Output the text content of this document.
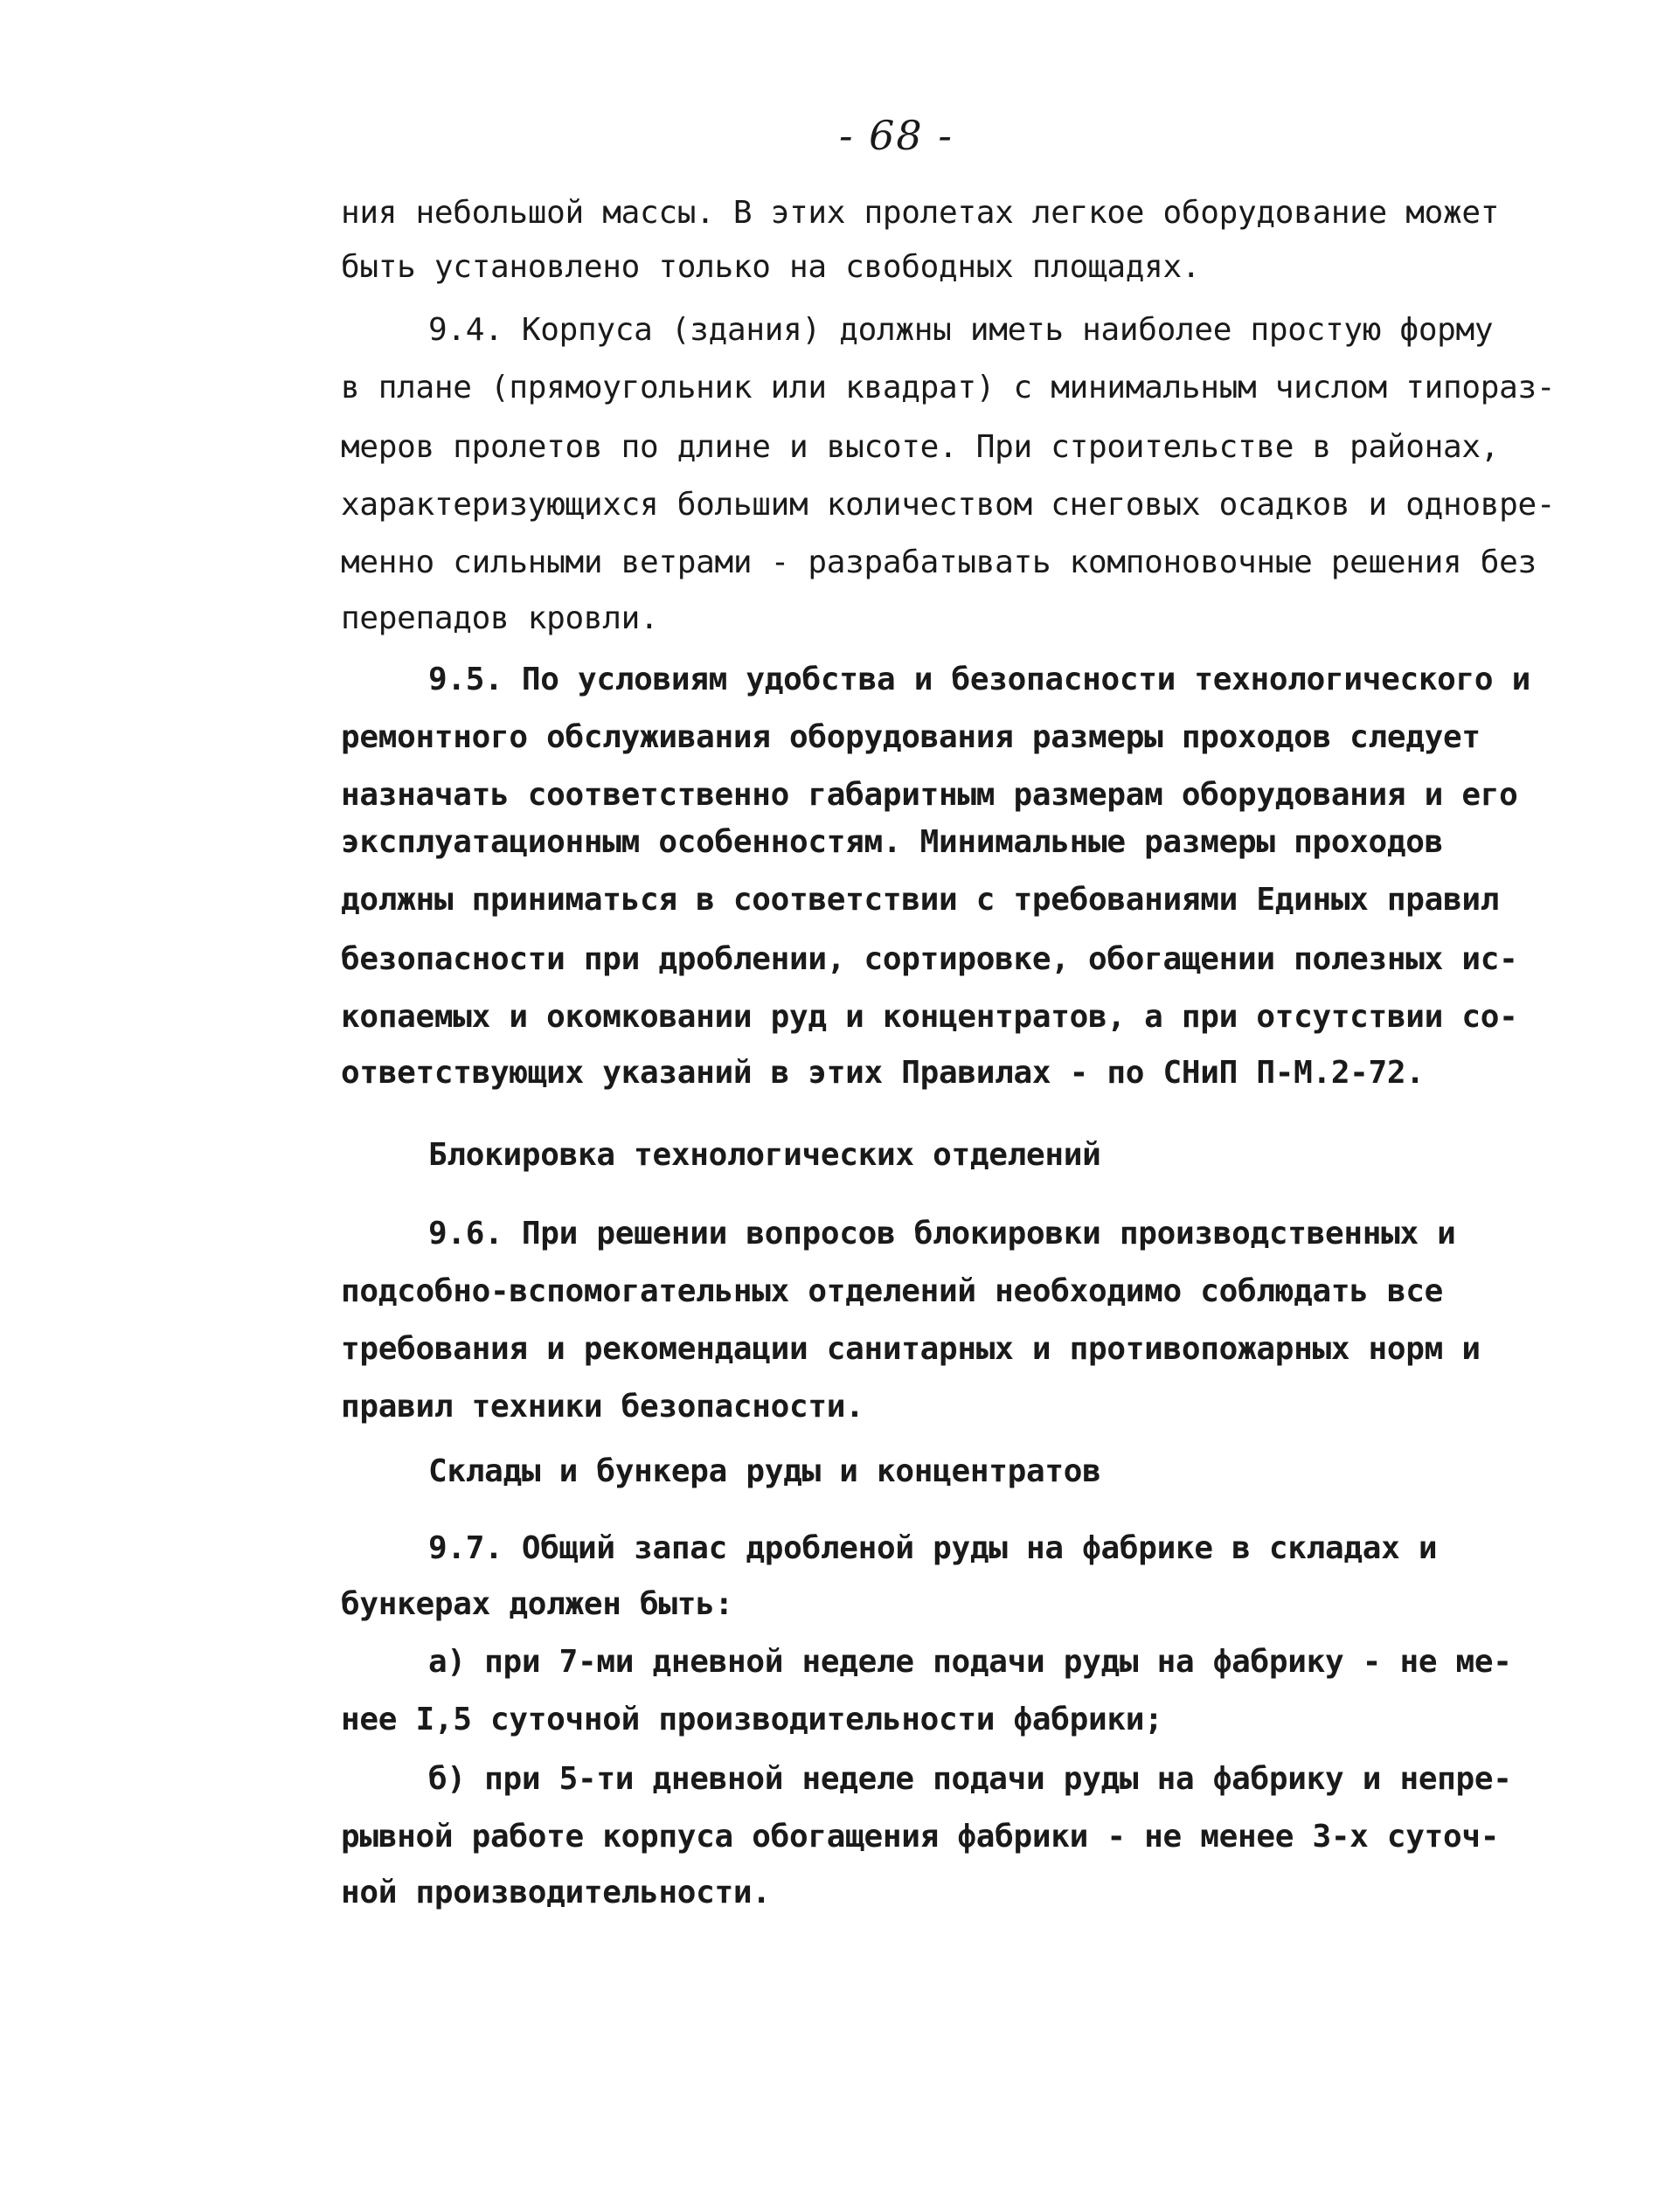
- 68 -
ния небольшой массы. В этих пролетах легкое оборудование может
быть установлено только на свободных площадях.
9.4. Корпуса (здания) должны иметь наиболее простую форму
в плане (прямоугольник или квадрат) с минимальным числом типораз-
меров пролетов по длине и высоте. При строительстве в районах,
характеризующихся большим количеством снеговых осадков и одновре-
менно сильными ветрами - разрабатывать компоновочные решения без
перепадов кровли.
9.5. По условиям удобства и безопасности технологического и
ремонтного обслуживания оборудования размеры проходов следует
назначать соответственно габаритным размерам оборудования и его
эксплуатационным особенностям. Минимальные размеры проходов
должны приниматься в соответствии с требованиями Единых правил
безопасности при дроблении, сортировке, обогащении полезных ис-
копаемых и окомковании руд и концентратов, а при отсутствии со-
ответствующих указаний в этих Правилах - по СНиП П-М.2-72.
Блокировка технологических отделений
9.6. При решении вопросов блокировки производственных и
подсобно-вспомогательных отделений необходимо соблюдать все
требования и рекомендации санитарных и противопожарных норм и
правил техники безопасности.
Склады и бункера руды и концентратов
9.7. Общий запас дробленой руды на фабрике в складах и
бункерах должен быть:
а) при 7-ми дневной неделе подачи руды на фабрику - не ме-
нее I,5 суточной производительности фабрики;
б) при 5-ти дневной неделе подачи руды на фабрику и непре-
рывной работе корпуса обогащения фабрики - не менее 3-х суточ-
ной производительности.
